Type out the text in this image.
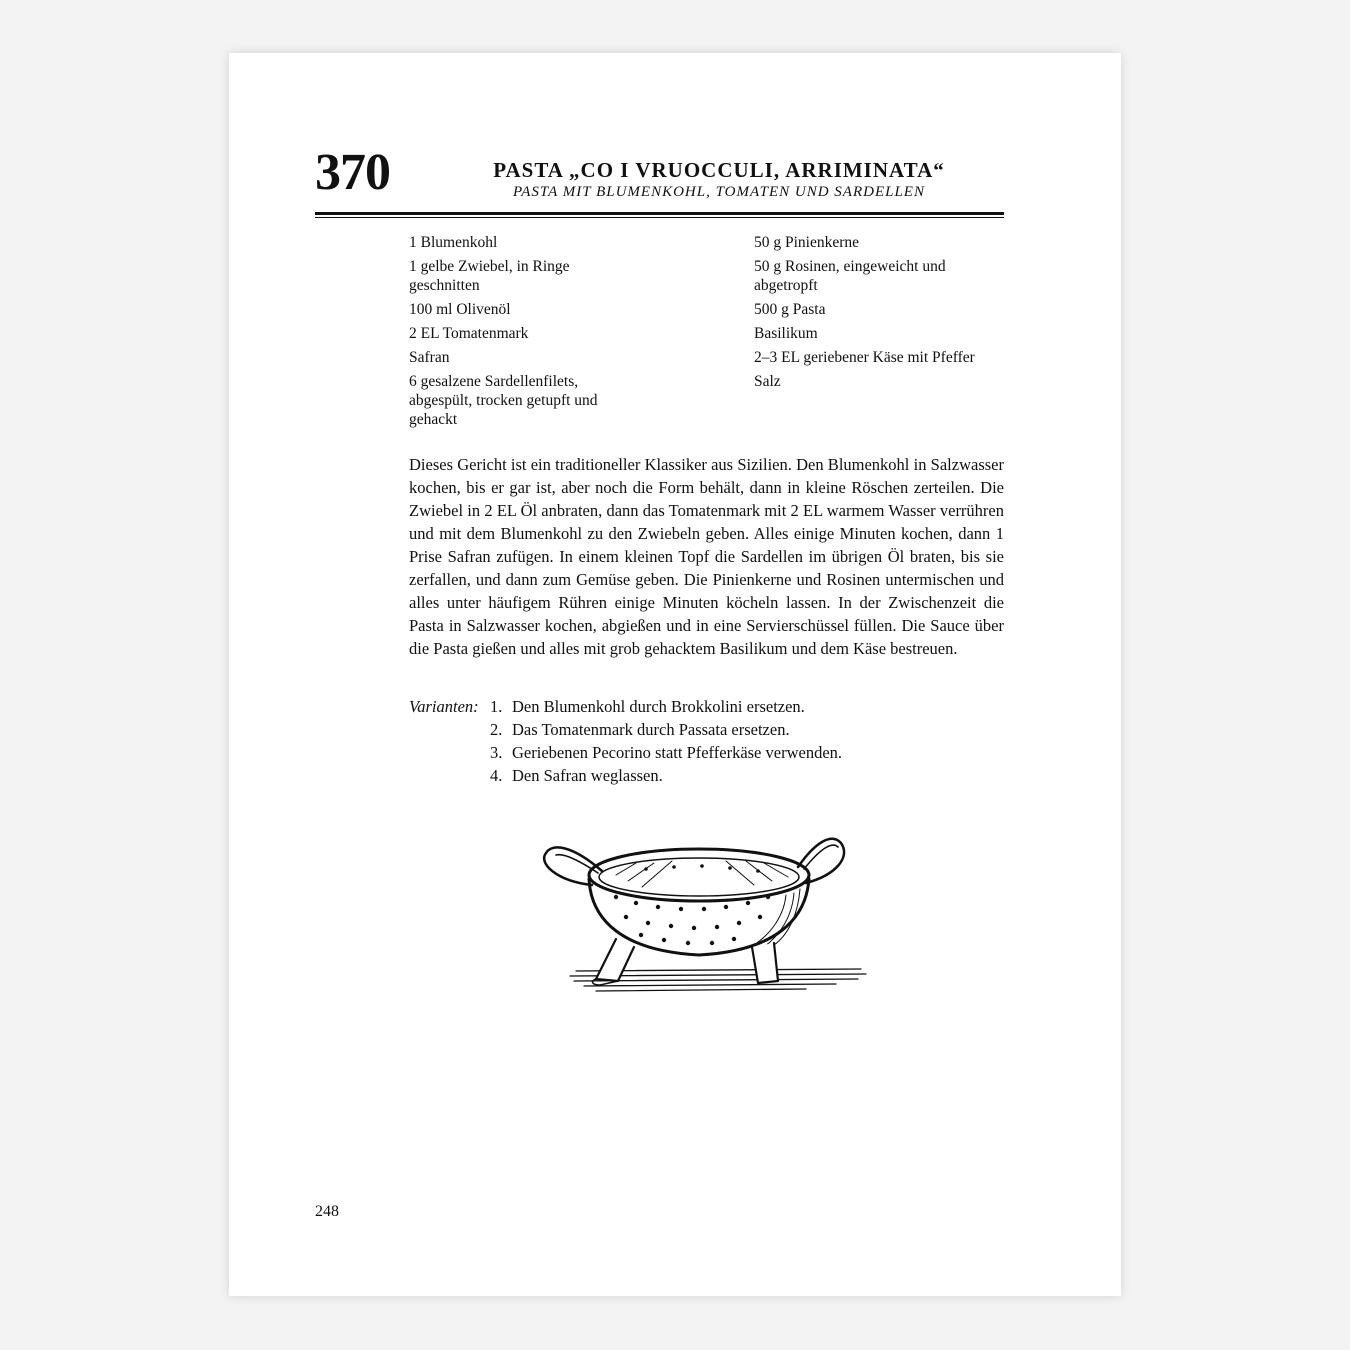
370	PASTA „CO I VRUOCCULI, ARRIMINATA“
PASTA MIT BLUMENKOHL, TOMATEN UND SARDELLEN
1 Blumenkohl
1 gelbe Zwiebel, in Ringe geschnitten
100 ml Olivenöl
2 EL Tomatenmark
Safran
6 gesalzene Sardellenfilets, abgespült, trocken getupft und gehackt
50 g Pinienkerne
50 g Rosinen, eingeweicht und abgetropft
500 g Pasta
Basilikum
2–3 EL geriebener Käse mit Pfeffer
Salz

Dieses Gericht ist ein traditioneller Klassiker aus Sizilien. Den Blumenkohl in Salzwasser kochen, bis er gar ist, aber noch die Form behält, dann in kleine Röschen zerteilen. Die Zwiebel in 2 EL Öl anbraten, dann das Tomatenmark mit 2 EL warmem Wasser verrühren und mit dem Blumenkohl zu den Zwiebeln geben. Alles einige Minuten kochen, dann 1 Prise Safran zufügen. In einem kleinen Topf die Sardellen im übrigen Öl braten, bis sie zerfallen, und dann zum Gemüse geben. Die Pinienkerne und Rosinen untermischen und alles unter häufigem Rühren einige Minuten köcheln lassen. In der Zwischenzeit die Pasta in Salzwasser kochen, abgießen und in eine Servierschüssel füllen. Die Sauce über die Pasta gießen und alles mit grob gehacktem Basilikum und dem Käse bestreuen.

Varianten: 1. Den Blumenkohl durch Brokkolini ersetzen.
2. Das Tomatenmark durch Passata ersetzen.
3. Geriebenen Pecorino statt Pfefferkäse verwenden.
4. Den Safran weglassen.
248
